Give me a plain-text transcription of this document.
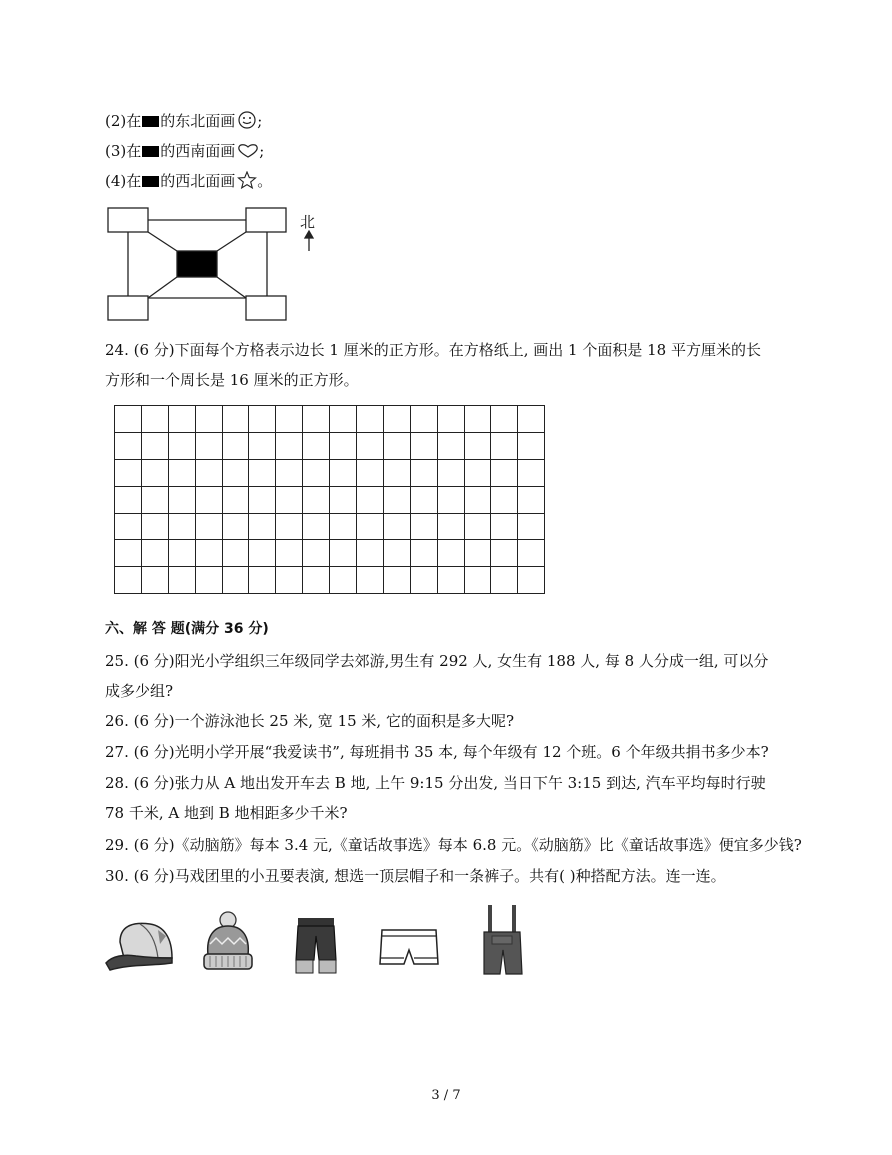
(2)在 的东北面画 ;
(3)在 的西南面画 ;
(4)在 的西北面画 。
北
24. (6 分)下面每个方格表示边长 1 厘米的正方形。在方格纸上, 画出 1 个面积是 18 平方厘米的长
方形和一个周长是 16 厘米的正方形。

六、解 答 题(满分 36 分)
25. (6 分)阳光小学组织三年级同学去郊游,男生有 292 人, 女生有 188 人, 每 8 人分成一组, 可以分
成多少组?
26. (6 分)一个游泳池长 25 米, 宽 15 米, 它的面积是多大呢?
27. (6 分)光明小学开展“我爱读书”, 每班捐书 35 本, 每个年级有 12 个班。6 个年级共捐书多少本?
28. (6 分)张力从 A 地出发开车去 B 地, 上午 9:15 分出发, 当日下午 3:15 到达, 汽车平均每时行驶
78 千米, A 地到 B 地相距多少千米?
29. (6 分)《动脑筋》每本 3.4 元,《童话故事选》每本 6.8 元。《动脑筋》比《童话故事选》便宜多少钱?
30. (6 分)马戏团里的小丑要表演, 想选一顶层帽子和一条裤子。共有( )种搭配方法。连一连。
3 / 7
